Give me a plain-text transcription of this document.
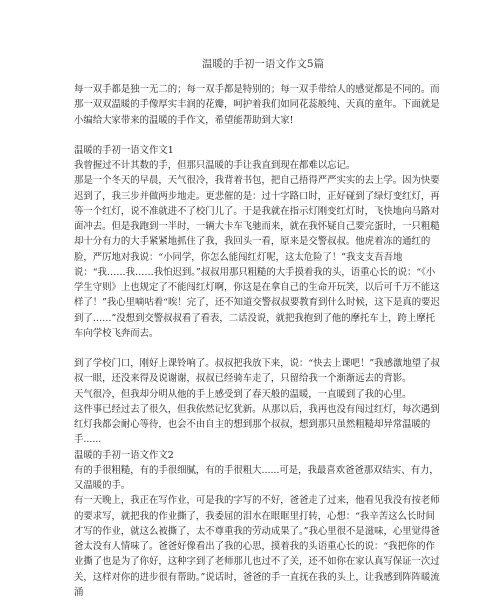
温暖的手初一语文作文5篇

每一双手都是独一无二的；每一双手都是特别的；每一双手带给人的感觉都是不同的。而那一双双温暖的手像厚实丰润的花瓣，呵护着我们如同花蕊般纯、天真的童年。下面就是小编给大家带来的温暖的手作文，希望能帮助到大家!

温暖的手初一语文作文1

我曾握过不计其数的手，但那只温暖的手让我直到现在都难以忘记。

那是一个冬天的早晨，天气很冷，我背着书包，把自己捂得严严实实的去上学。因为快要迟到了，我三步并做两步地走。更悲催的是：过十字路口时，正好碰到了绿灯变红灯，再等一个红灯，说不准就进不了校门儿了。于是我就在指示灯刚变红灯时，飞快地向马路对面冲去。但是我跑到一半时，一辆大卡车飞驰而来，就在我怀疑自己要完蛋时，一只粗糙却十分有力的大手紧紧地抓住了我，我回头一看，原来是交警叔叔。他虎着冻的通红的脸，严厉地对我说：“小同学，你怎么能闯红灯呢，这太危险了！”我支支吾吾地说：“我……我……我怕迟到。”叔叔用那只粗糙的大手摸着我的头，语重心长的说：“《小学生守则》上也规定了不能闯红灯啊，你这是在拿自己的生命开玩笑，以后可千万不能这样了！”我心里嘀咕着“唉！完了，还不知道交警叔叔要教育到什么时候，这下是真的要迟到了……”没想到交警叔叔看了看表，二话没说，就把我抱到了他的摩托车上，跨上摩托车向学校飞奔而去。

到了学校门口，刚好上课铃响了。叔叔把我放下来，说：“快去上课吧！”我感激地望了叔叔一眼，还没来得及说谢谢，叔叔已经骑车走了，只留给我一个渐渐远去的背影。

天气很冷，但我却分明从他的手上感受到了春天般的温暖，一直暖到了我的心里。

这件事已经过去了很久，但我依然记忆犹新。从那以后，我再也没有闯过红灯，每次遇到红灯我都会耐心等待，也会不由自主的想到那个叔叔，想到那只虽然粗糙却异常温暖的手......

温暖的手初一语文作文2

有的手很粗糙，有的手很细腻，有的手很粗大......可是，我最喜欢爸爸那双结实、有力，又温暖的手。

有一天晚上，我正在写作业，可是我的字写的不好，爸爸走了过来，他看见我没有按老师的要求写，就把我的作业撕了，我委屈的泪水在眼眶里打转，心想：“我辛苦这么长时间才写的作业，就这么被撕了，太不尊重我的劳动成果了。”我心里很不是滋味，心里觉得爸爸太没有人情味了。爸爸好像看出了我的心思，摸着我的头语重心长的说：“我把你的作业撕了也是为了你好，这种字到了老师那儿也过不了关，还不如你在家认真写保证一次过关，这样对你的进步很有帮助。”说话时，爸爸的手一直抚在我的头上，让我感到阵阵暖流涌
